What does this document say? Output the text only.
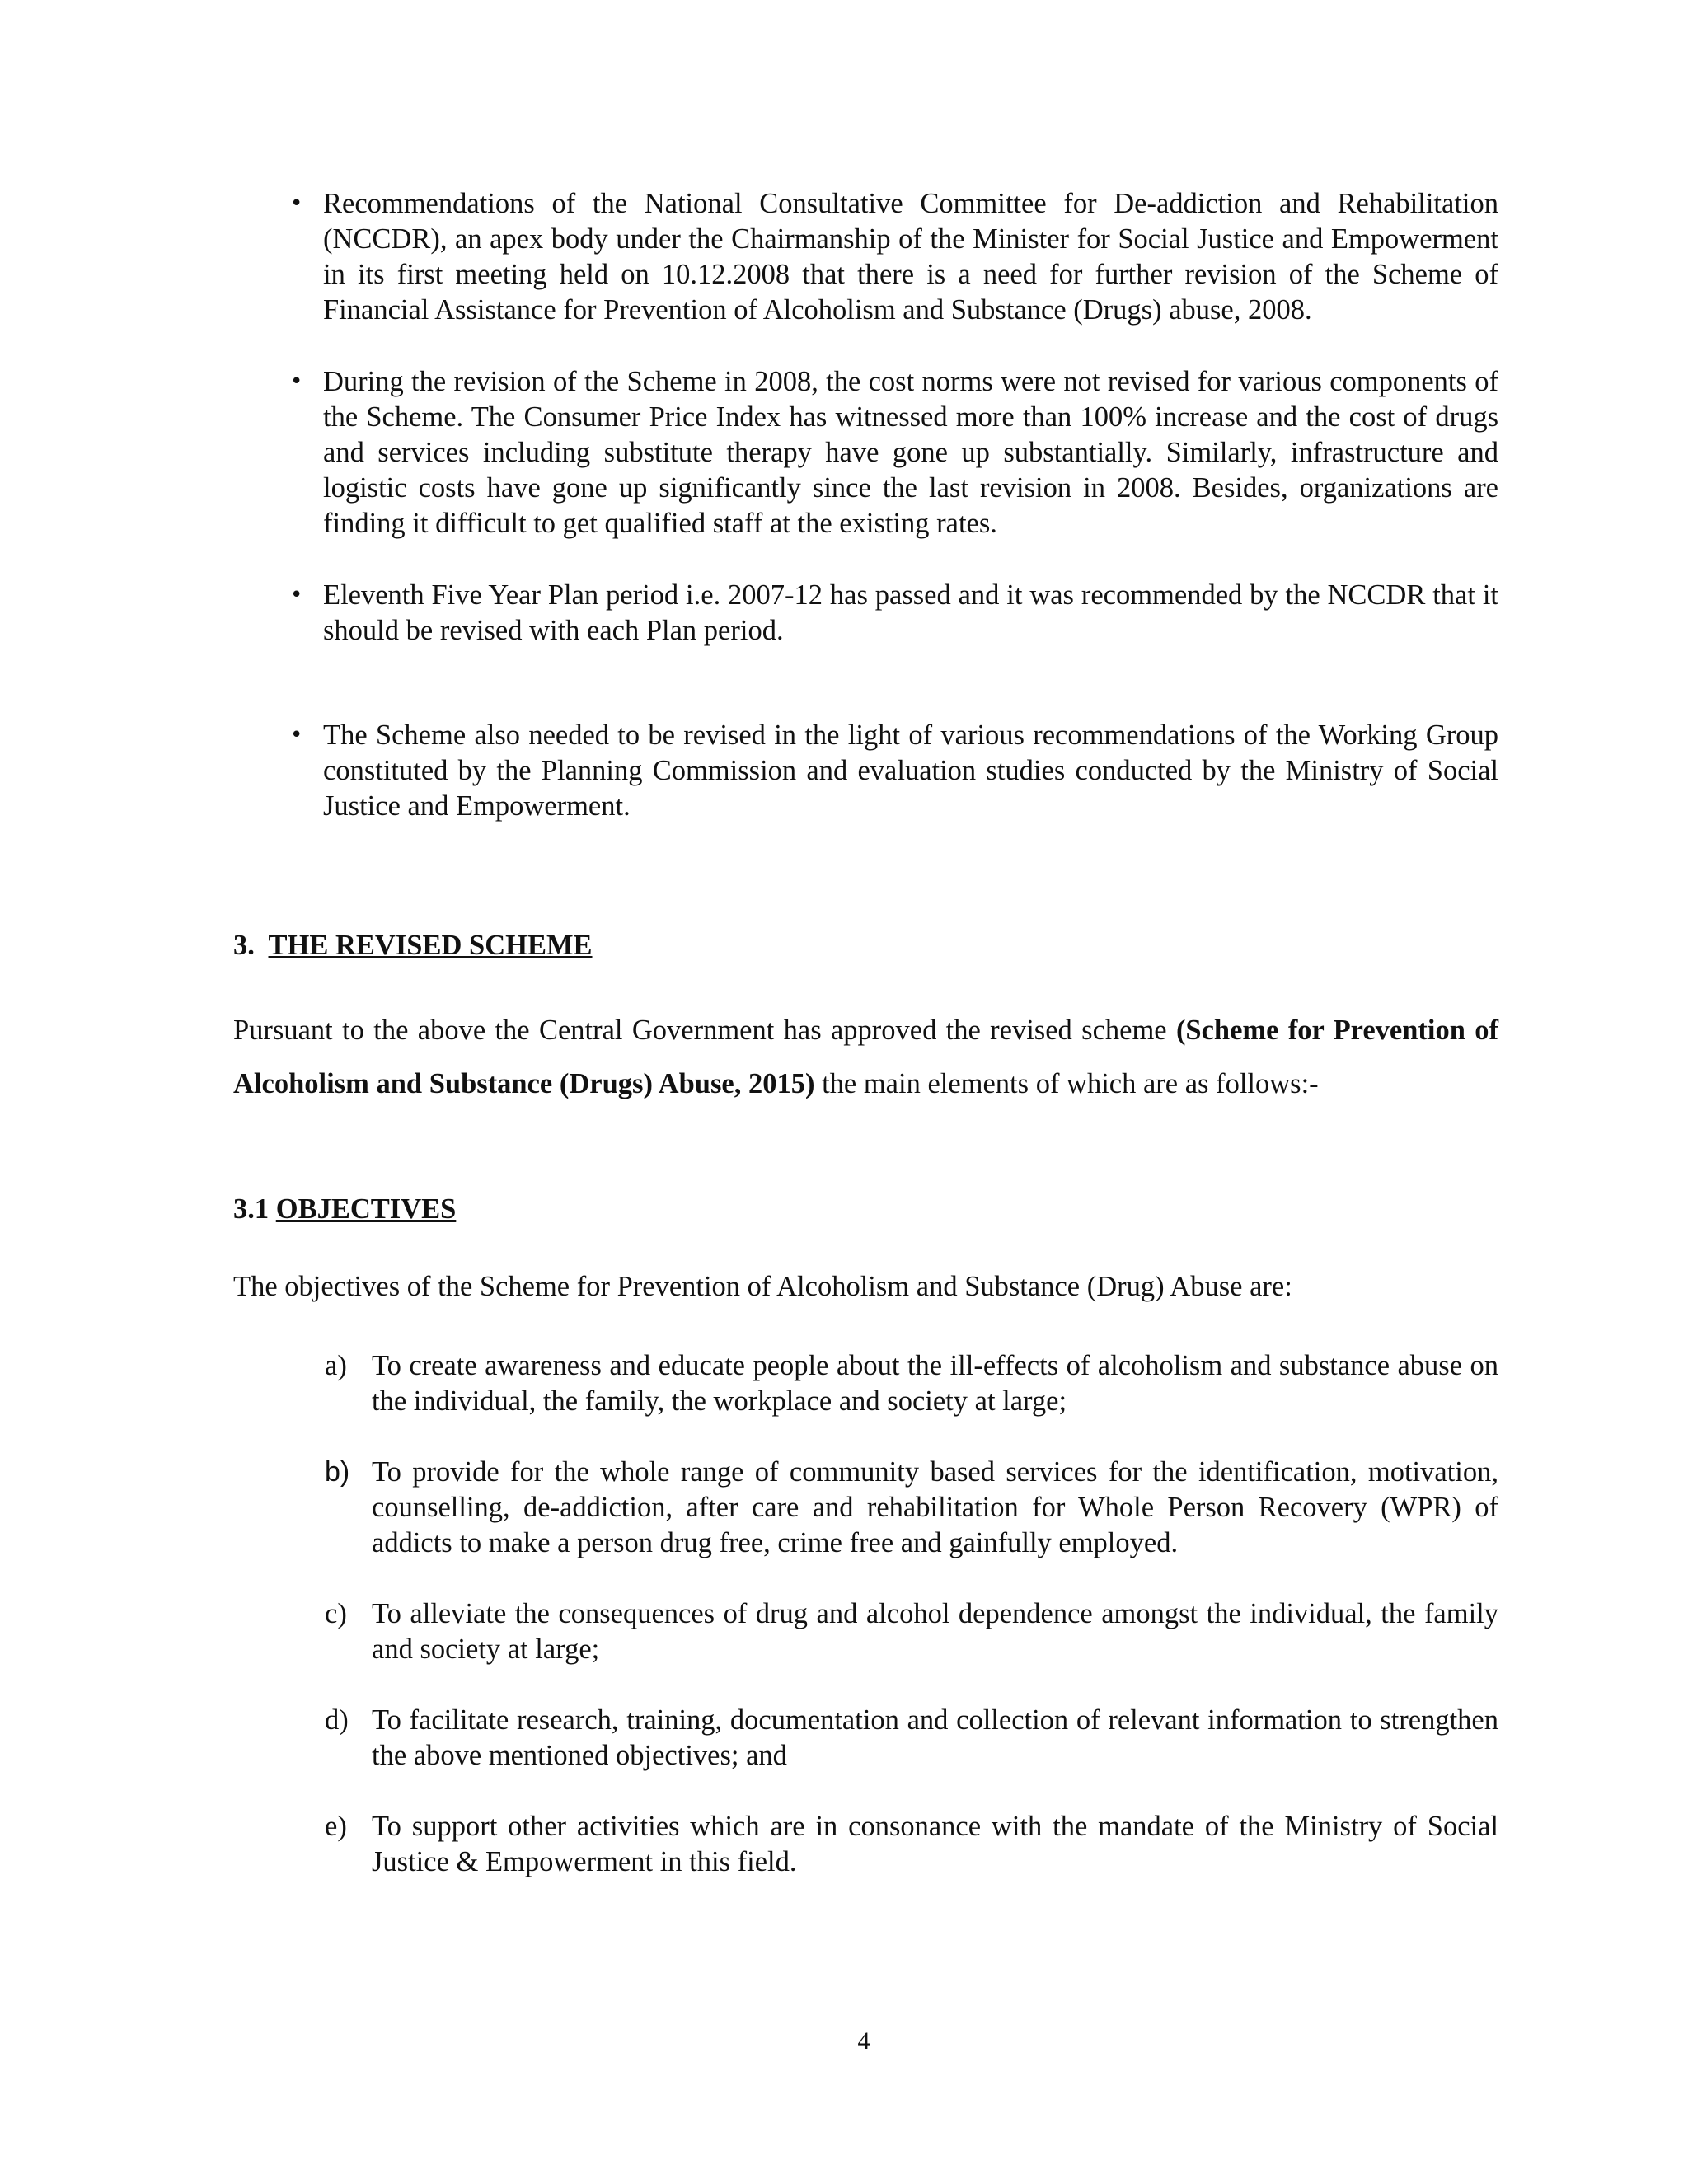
• Recommendations of the National Consultative Committee for De-addiction and Rehabilitation (NCCDR), an apex body under the Chairmanship of the Minister for Social Justice and Empowerment in its first meeting held on 10.12.2008 that there is a need for further revision of the Scheme of Financial Assistance for Prevention of Alcoholism and Substance (Drugs) abuse, 2008.
• During the revision of the Scheme in 2008, the cost norms were not revised for various components of the Scheme. The Consumer Price Index has witnessed more than 100% increase and the cost of drugs and services including substitute therapy have gone up substantially. Similarly, infrastructure and logistic costs have gone up significantly since the last revision in 2008. Besides, organizations are finding it difficult to get qualified staff at the existing rates.
• Eleventh Five Year Plan period i.e. 2007-12 has passed and it was recommended by the NCCDR that it should be revised with each Plan period.
• The Scheme also needed to be revised in the light of various recommendations of the Working Group constituted by the Planning Commission and evaluation studies conducted by the Ministry of Social Justice and Empowerment.
3. THE REVISED SCHEME
Pursuant to the above the Central Government has approved the revised scheme (Scheme for Prevention of Alcoholism and Substance (Drugs) Abuse, 2015) the main elements of which are as follows:-
3.1 OBJECTIVES
The objectives of the Scheme for Prevention of Alcoholism and Substance (Drug) Abuse are:
a) To create awareness and educate people about the ill-effects of alcoholism and substance abuse on the individual, the family, the workplace and society at large;
b) To provide for the whole range of community based services for the identification, motivation, counselling, de-addiction, after care and rehabilitation for Whole Person Recovery (WPR) of addicts to make a person drug free, crime free and gainfully employed.
c) To alleviate the consequences of drug and alcohol dependence amongst the individual, the family and society at large;
d) To facilitate research, training, documentation and collection of relevant information to strengthen the above mentioned objectives; and
e) To support other activities which are in consonance with the mandate of the Ministry of Social Justice & Empowerment in this field.
4
